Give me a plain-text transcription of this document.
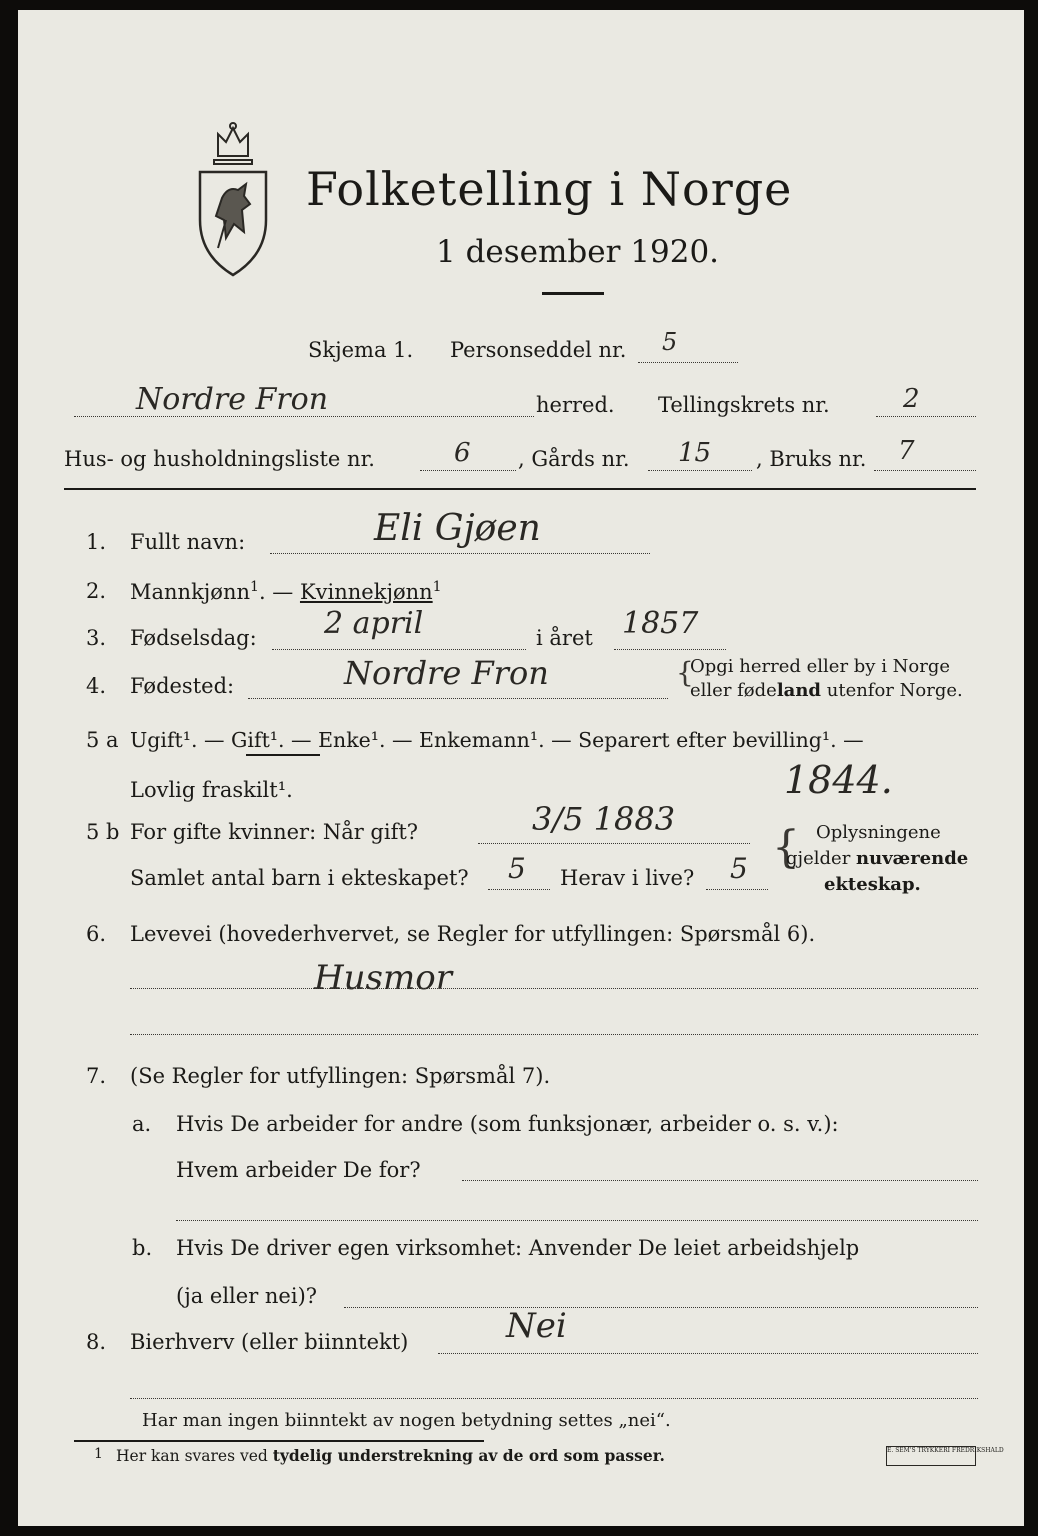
Folketelling i Norge
1 desember 1920.
Skjema 1. Personseddel nr. 5
Nordre Fron	herred. Tellingskrets nr.	2
Hus- og husholdningsliste nr.	6 , Gårds nr. 15 , Bruks nr. 7
1. Fullt navn:	Eli Gjøen
2. Mannkjønn$^1$. — Kvinnekjønn$^1$
3. Fødselsdag: 2 april	i året 1857
4. Fødested:	Nordre Fron	{
Opgi herred eller by i Norge
eller fødeland utenfor Norge.
5 a Ugift¹. — Gift¹. — Enke¹. — Enkemann¹. — Separert efter bevilling¹. —
Lovlig fraskilt¹.	1844.
5 b For gifte kvinner: Når gift?	3/5 1883
Samlet antal barn i ekteskapet? 5 Herav i live? 5 { Oplysningene
gjelder nuværende
ekteskap.
6. Levevei (hovederhvervet, se Regler for utfyllingen: Spørsmål 6).
Husmor
7. (Se Regler for utfyllingen: Spørsmål 7).
a. Hvis De arbeider for andre (som funksjonær, arbeider o. s. v.):
Hvem arbeider De for?
b. Hvis De driver egen virksomhet: Anvender De leiet arbeidshjelp
(ja eller nei)?
8. Bierhverv (eller biinntekt)	Nei
Har man ingen biinntekt av nogen betydning settes „nei“.
1 Her kan svares ved tydelig understrekning av de ord som passer.	E. SEM'S TRYKKERI FREDRIKSHALD
